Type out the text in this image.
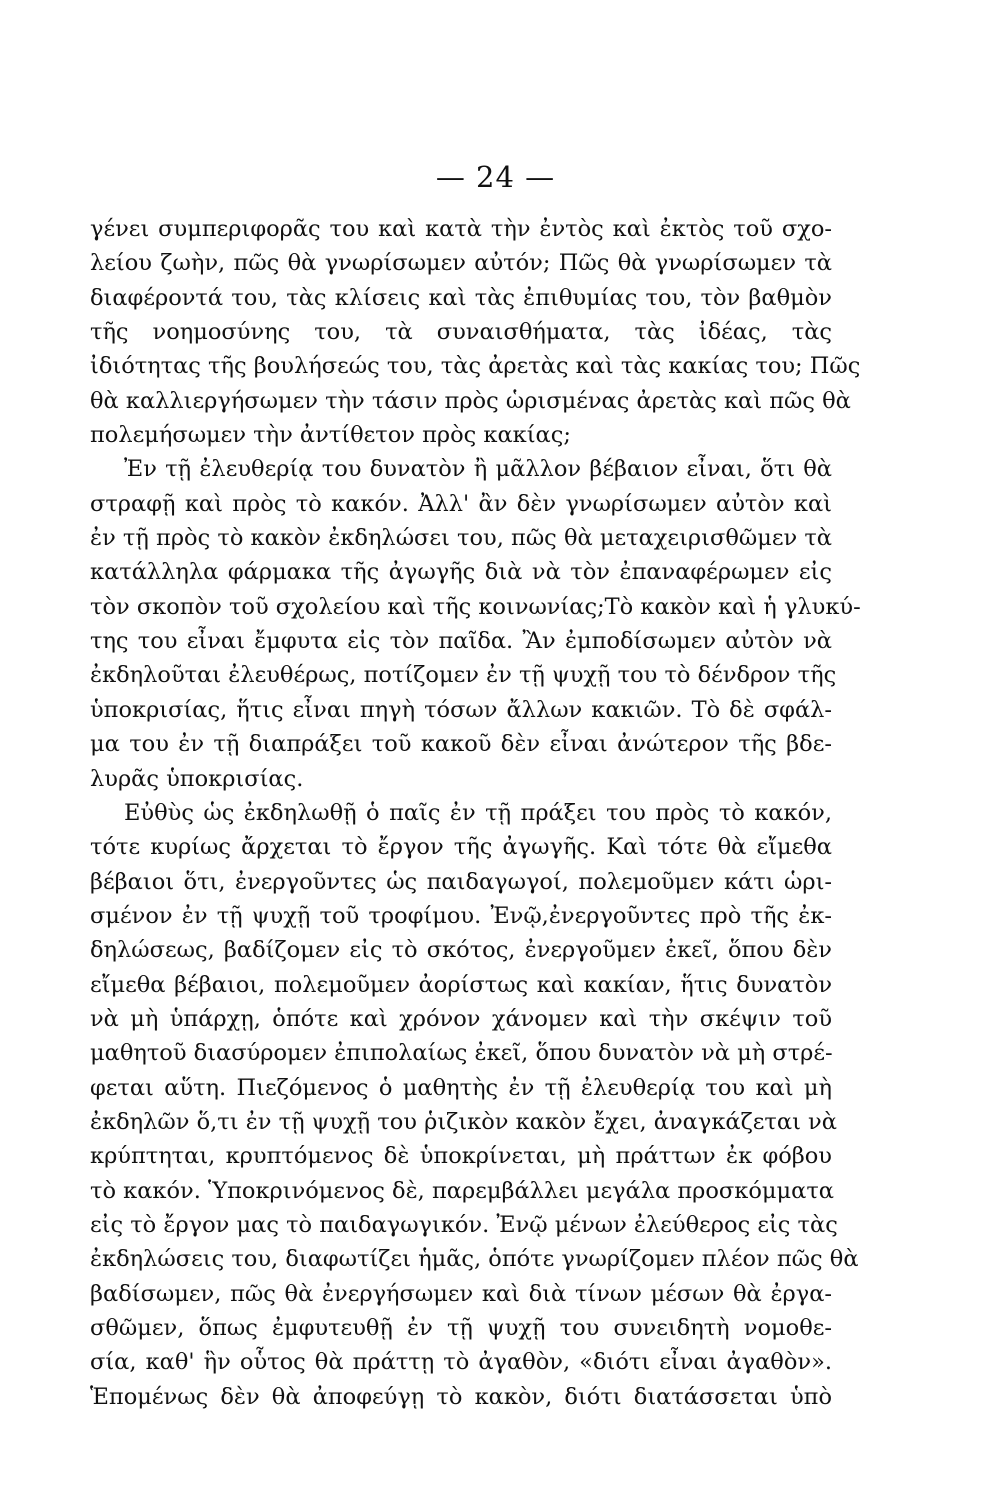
— 24 —
γένει συμπεριφορᾶς του καὶ κατὰ τὴν ἐντὸς καὶ ἐκτὸς τοῦ σχο-
λείου ζωὴν, πῶς θὰ γνωρίσωμεν αὐτόν; Πῶς θὰ γνωρίσωμεν τὰ
διαφέροντά του, τὰς κλίσεις καὶ τὰς ἐπιθυμίας του, τὸν βαθμὸν
τῆς νοημοσύνης του, τὰ συναισθήματα, τὰς ἰδέας, τὰς
ἰδιότητας τῆς βουλήσεώς του, τὰς ἀρετὰς καὶ τὰς κακίας του; Πῶς
θὰ καλλιεργήσωμεν τὴν τάσιν πρὸς ὡρισμένας ἀρετὰς καὶ πῶς θὰ
πολεμήσωμεν τὴν ἀντίθετον πρὸς κακίας;
Ἐν τῇ ἐλευθερίᾳ του δυνατὸν ἢ μᾶλλον βέβαιον εἶναι, ὅτι θὰ
στραφῇ καὶ πρὸς τὸ κακόν. Ἀλλ' ἂν δὲν γνωρίσωμεν αὐτὸν καὶ
ἐν τῇ πρὸς τὸ κακὸν ἐκδηλώσει του, πῶς θὰ μεταχειρισθῶμεν τὰ
κατάλληλα φάρμακα τῆς ἀγωγῆς διὰ νὰ τὸν ἐπαναφέρωμεν εἰς
τὸν σκοπὸν τοῦ σχολείου καὶ τῆς κοινωνίας;Τὸ κακὸν καὶ ἡ γλυκύ-
της του εἶναι ἔμφυτα εἰς τὸν παῖδα. Ἂν ἐμποδίσωμεν αὐτὸν νὰ
ἐκδηλοῦται ἐλευθέρως, ποτίζομεν ἐν τῇ ψυχῇ του τὸ δένδρον τῆς
ὑποκρισίας, ἥτις εἶναι πηγὴ τόσων ἄλλων κακιῶν. Τὸ δὲ σφάλ-
μα του ἐν τῇ διαπράξει τοῦ κακοῦ δὲν εἶναι ἀνώτερον τῆς βδε-
λυρᾶς ὑποκρισίας.
Εὐθὺς ὡς ἐκδηλωθῇ ὁ παῖς ἐν τῇ πράξει του πρὸς τὸ κακόν,
τότε κυρίως ἄρχεται τὸ ἔργον τῆς ἀγωγῆς. Καὶ τότε θὰ εἴμεθα
βέβαιοι ὅτι, ἐνεργοῦντες ὡς παιδαγωγοί, πολεμοῦμεν κάτι ὡρι-
σμένον ἐν τῇ ψυχῇ τοῦ τροφίμου. Ἐνῷ,ἐνεργοῦντες πρὸ τῆς ἐκ-
δηλώσεως, βαδίζομεν εἰς τὸ σκότος, ἐνεργοῦμεν ἐκεῖ, ὅπου δὲν
εἴμεθα βέβαιοι, πολεμοῦμεν ἀορίστως καὶ κακίαν, ἥτις δυνατὸν
νὰ μὴ ὑπάρχῃ, ὁπότε καὶ χρόνον χάνομεν καὶ τὴν σκέψιν τοῦ
μαθητοῦ διασύρομεν ἐπιπολαίως ἐκεῖ, ὅπου δυνατὸν νὰ μὴ στρέ-
φεται αὕτη. Πιεζόμενος ὁ μαθητὴς ἐν τῇ ἐλευθερίᾳ του καὶ μὴ
ἐκδηλῶν ὅ,τι ἐν τῇ ψυχῇ του ῥιζικὸν κακὸν ἔχει, ἀναγκάζεται νὰ
κρύπτηται, κρυπτόμενος δὲ ὑποκρίνεται, μὴ πράττων ἐκ φόβου
τὸ κακόν. Ὑποκρινόμενος δὲ, παρεμβάλλει μεγάλα προσκόμματα
εἰς τὸ ἔργον μας τὸ παιδαγωγικόν. Ἐνῷ μένων ἐλεύθερος εἰς τὰς
ἐκδηλώσεις του, διαφωτίζει ἡμᾶς, ὁπότε γνωρίζομεν πλέον πῶς θὰ
βαδίσωμεν, πῶς θὰ ἐνεργήσωμεν καὶ διὰ τίνων μέσων θὰ ἐργα-
σθῶμεν, ὅπως ἐμφυτευθῇ ἐν τῇ ψυχῇ του συνειδητὴ νομοθε-
σία, καθ' ἣν οὗτος θὰ πράττῃ τὸ ἀγαθὸν, «διότι εἶναι ἀγαθὸν».
Ἑπομένως δὲν θὰ ἀποφεύγῃ τὸ κακὸν, διότι διατάσσεται ὑπὸ
